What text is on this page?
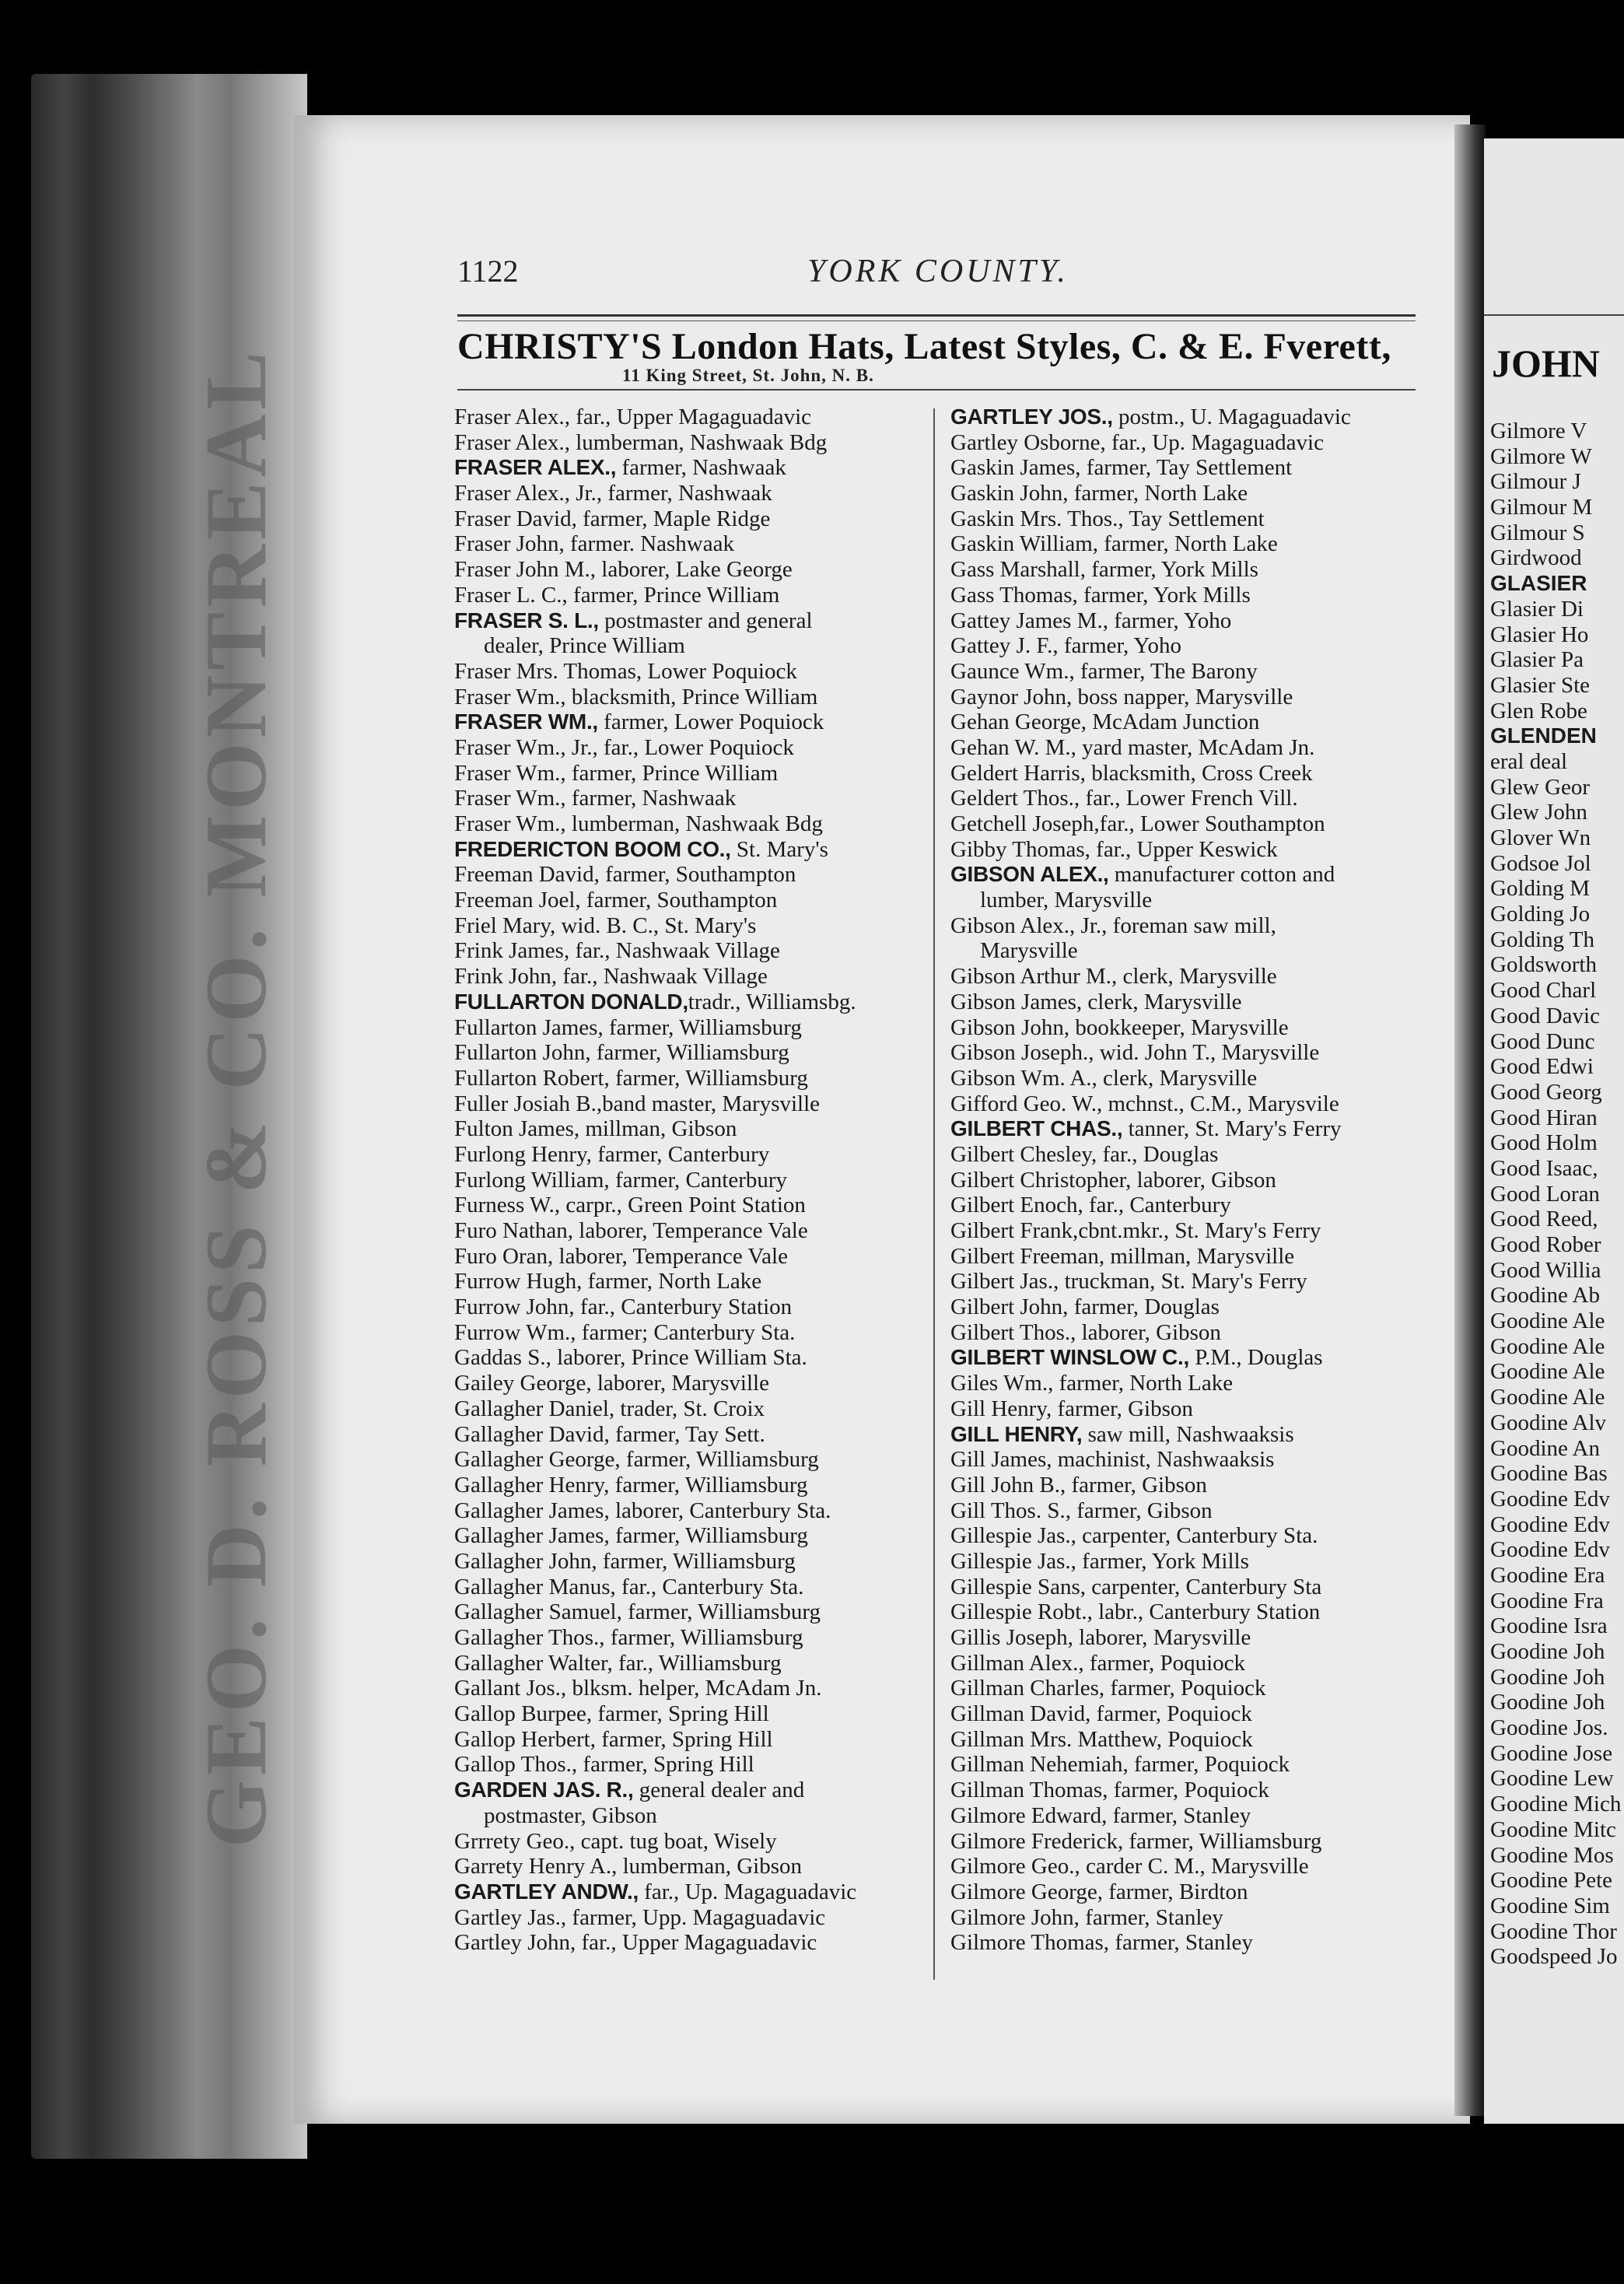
GEO. D. ROSS & CO. MONTREAL	JOHN
Gilmore V
Gilmore W
Gilmour J
Gilmour M
Gilmour S
Girdwood
GLASIER
Glasier Di
Glasier Ho
Glasier Pa
Glasier Ste
Glen Robe
GLENDEN
eral deal
Glew Geor
Glew John
Glover Wn
Godsoe Jol
Golding M
Golding Jo
Golding Th
Goldsworth
Good Charl
Good Davic
Good Dunc
Good Edwi
Good Georg
Good Hiran
Good Holm
Good Isaac,
Good Loran
Good Reed,
Good Rober
Good Willia
Goodine Ab
Goodine Ale
Goodine Ale
Goodine Ale
Goodine Ale
Goodine Alv
Goodine An
Goodine Bas
Goodine Edv
Goodine Edv
Goodine Edv
Goodine Era
Goodine Fra
Goodine Isra
Goodine Joh
Goodine Joh
Goodine Joh
Goodine Jos.
Goodine Jose
Goodine Lew
Goodine Mich
Goodine Mitc
Goodine Mos
Goodine Pete
Goodine Sim
Goodine Thor
Goodspeed Jo
1122	YORK COUNTY.
CHRISTY'S London Hats, Latest Styles, C. & E. Fverett,
11 King Street, St. John, N. B.
Fraser Alex., far., Upper Magaguadavic
Fraser Alex., lumberman, Nashwaak Bdg
FRASER ALEX., farmer, Nashwaak
Fraser Alex., Jr., farmer, Nashwaak
Fraser David, farmer, Maple Ridge
Fraser John, farmer. Nashwaak
Fraser John M., laborer, Lake George
Fraser L. C., farmer, Prince William
FRASER S. L., postmaster and general
dealer, Prince William
Fraser Mrs. Thomas, Lower Poquiock
Fraser Wm., blacksmith, Prince William
FRASER WM., farmer, Lower Poquiock
Fraser Wm., Jr., far., Lower Poquiock
Fraser Wm., farmer, Prince William
Fraser Wm., farmer, Nashwaak
Fraser Wm., lumberman, Nashwaak Bdg
FREDERICTON BOOM CO., St. Mary's
Freeman David, farmer, Southampton
Freeman Joel, farmer, Southampton
Friel Mary, wid. B. C., St. Mary's
Frink James, far., Nashwaak Village
Frink John, far., Nashwaak Village
FULLARTON DONALD,tradr., Williamsbg.
Fullarton James, farmer, Williamsburg
Fullarton John, farmer, Williamsburg
Fullarton Robert, farmer, Williamsburg
Fuller Josiah B.,band master, Marysville
Fulton James, millman, Gibson
Furlong Henry, farmer, Canterbury
Furlong William, farmer, Canterbury
Furness W., carpr., Green Point Station
Furo Nathan, laborer, Temperance Vale
Furo Oran, laborer, Temperance Vale
Furrow Hugh, farmer, North Lake
Furrow John, far., Canterbury Station
Furrow Wm., farmer; Canterbury Sta.
Gaddas S., laborer, Prince William Sta.
Gailey George, laborer, Marysville
Gallagher Daniel, trader, St. Croix
Gallagher David, farmer, Tay Sett.
Gallagher George, farmer, Williamsburg
Gallagher Henry, farmer, Williamsburg
Gallagher James, laborer, Canterbury Sta.
Gallagher James, farmer, Williamsburg
Gallagher John, farmer, Williamsburg
Gallagher Manus, far., Canterbury Sta.
Gallagher Samuel, farmer, Williamsburg
Gallagher Thos., farmer, Williamsburg
Gallagher Walter, far., Williamsburg
Gallant Jos., blksm. helper, McAdam Jn.
Gallop Burpee, farmer, Spring Hill
Gallop Herbert, farmer, Spring Hill
Gallop Thos., farmer, Spring Hill
GARDEN JAS. R., general dealer and
postmaster, Gibson
Grrrety Geo., capt. tug boat, Wisely
Garrety Henry A., lumberman, Gibson
GARTLEY ANDW., far., Up. Magaguadavic
Gartley Jas., farmer, Upp. Magaguadavic
Gartley John, far., Upper Magaguadavic
GARTLEY JOS., postm., U. Magaguadavic
Gartley Osborne, far., Up. Magaguadavic
Gaskin James, farmer, Tay Settlement
Gaskin John, farmer, North Lake
Gaskin Mrs. Thos., Tay Settlement
Gaskin William, farmer, North Lake
Gass Marshall, farmer, York Mills
Gass Thomas, farmer, York Mills
Gattey James M., farmer, Yoho
Gattey J. F., farmer, Yoho
Gaunce Wm., farmer, The Barony
Gaynor John, boss napper, Marysville
Gehan George, McAdam Junction
Gehan W. M., yard master, McAdam Jn.
Geldert Harris, blacksmith, Cross Creek
Geldert Thos., far., Lower French Vill.
Getchell Joseph,far., Lower Southampton
Gibby Thomas, far., Upper Keswick
GIBSON ALEX., manufacturer cotton and
lumber, Marysville
Gibson Alex., Jr., foreman saw mill,
Marysville
Gibson Arthur M., clerk, Marysville
Gibson James, clerk, Marysville
Gibson John, bookkeeper, Marysville
Gibson Joseph., wid. John T., Marysville
Gibson Wm. A., clerk, Marysville
Gifford Geo. W., mchnst., C.M., Marysvile
GILBERT CHAS., tanner, St. Mary's Ferry
Gilbert Chesley, far., Douglas
Gilbert Christopher, laborer, Gibson
Gilbert Enoch, far., Canterbury
Gilbert Frank,cbnt.mkr., St. Mary's Ferry
Gilbert Freeman, millman, Marysville
Gilbert Jas., truckman, St. Mary's Ferry
Gilbert John, farmer, Douglas
Gilbert Thos., laborer, Gibson
GILBERT WINSLOW C., P.M., Douglas
Giles Wm., farmer, North Lake
Gill Henry, farmer, Gibson
GILL HENRY, saw mill, Nashwaaksis
Gill James, machinist, Nashwaaksis
Gill John B., farmer, Gibson
Gill Thos. S., farmer, Gibson
Gillespie Jas., carpenter, Canterbury Sta.
Gillespie Jas., farmer, York Mills
Gillespie Sans, carpenter, Canterbury Sta
Gillespie Robt., labr., Canterbury Station
Gillis Joseph, laborer, Marysville
Gillman Alex., farmer, Poquiock
Gillman Charles, farmer, Poquiock
Gillman David, farmer, Poquiock
Gillman Mrs. Matthew, Poquiock
Gillman Nehemiah, farmer, Poquiock
Gillman Thomas, farmer, Poquiock
Gilmore Edward, farmer, Stanley
Gilmore Frederick, farmer, Williamsburg
Gilmore Geo., carder C. M., Marysville
Gilmore George, farmer, Birdton
Gilmore John, farmer, Stanley
Gilmore Thomas, farmer, Stanley
